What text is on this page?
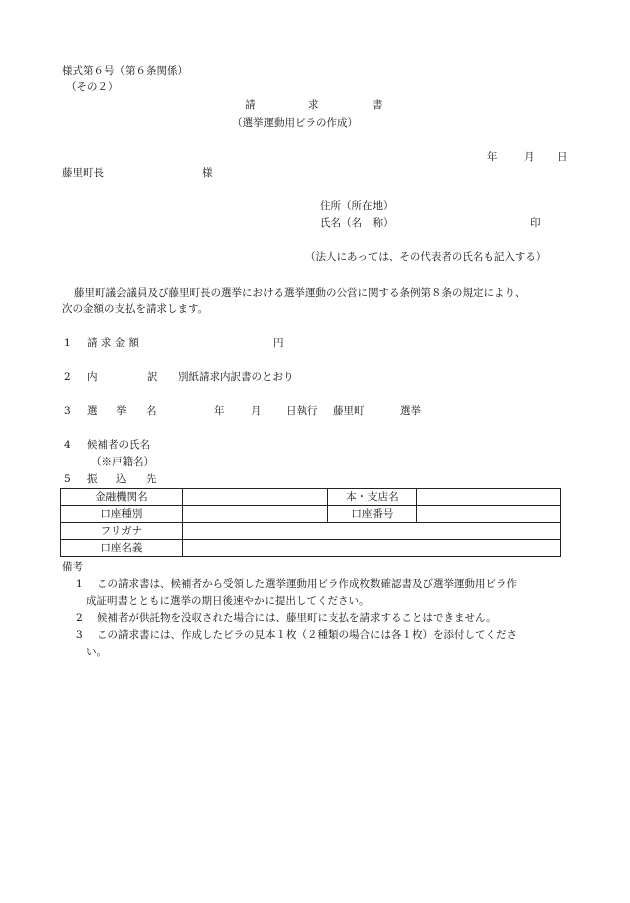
様式第６号（第６条関係）
（その２）
請	求	書
（選挙運動用ビラの作成）
年	月 日
藤里町長	様
住所（所在地）
氏名（名　称）	印
（法人にあっては、その代表者の氏名も記入する）
藤里町議会議員及び藤里町長の選挙における選挙運動の公営に関する条例第８条の規定により、
次の金額の支払を請求します。
1 請 求 金 額	円
2 内	訳 別紙請求内訳書のとおり
3 選 挙 名	年	月 日執行 藤里町	選挙
4 候補者の氏名
（※戸籍名）
5 振 込 先
金融機関名		本・支店名	
口座種別		口座番号	
フリガナ			
口座名義			
備考
1 この請求書は、候補者から受領した選挙運動用ビラ作成枚数確認書及び選挙運動用ビラ作
成証明書とともに選挙の期日後速やかに提出してください。
2 候補者が供託物を没収された場合には、藤里町に支払を請求することはできません。
3 この請求書には、作成したビラの見本１枚（２種類の場合には各１枚）を添付してくださ
い。
